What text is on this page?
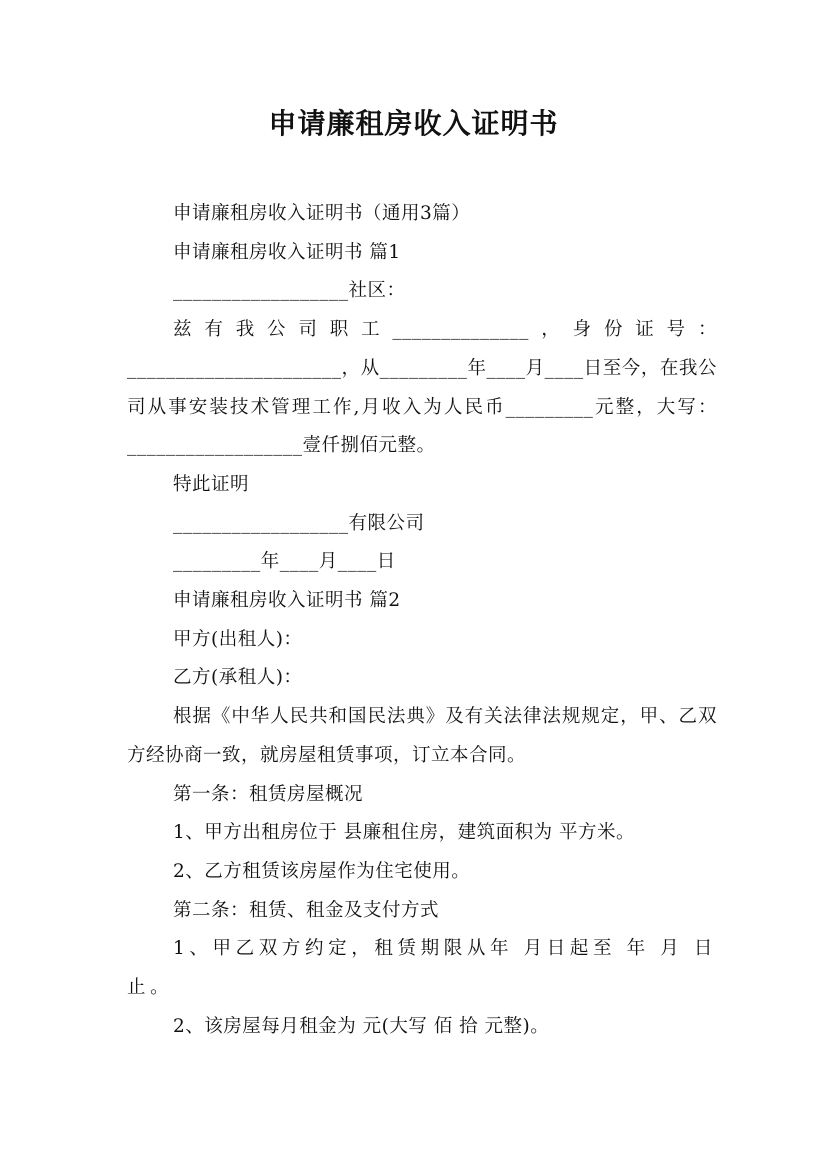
申请廉租房收入证明书

申请廉租房收入证明书（通用3篇）

申请廉租房收入证明书 篇1

__________________社区：

兹有我公司职工______________，身份证号：______________________，从_________年____月____日至今，在我公司从事安装技术管理工作,月收入为人民币_________元整，大写：__________________壹仟捌佰元整。

特此证明

__________________有限公司

_________年____月____日

申请廉租房收入证明书 篇2

甲方(出租人)：

乙方(承租人)：

根据《中华人民共和国民法典》及有关法律法规规定，甲、乙双方经协商一致，就房屋租赁事项，订立本合同。

第一条：租赁房屋概况

1、甲方出租房位于 县廉租住房，建筑面积为 平方米。

2、乙方租赁该房屋作为住宅使用。

第二条：租赁、租金及支付方式

1、甲乙双方约定，租赁期限从年 月日起至 年 月 日止。

2、该房屋每月租金为 元(大写 佰 拾 元整)。
